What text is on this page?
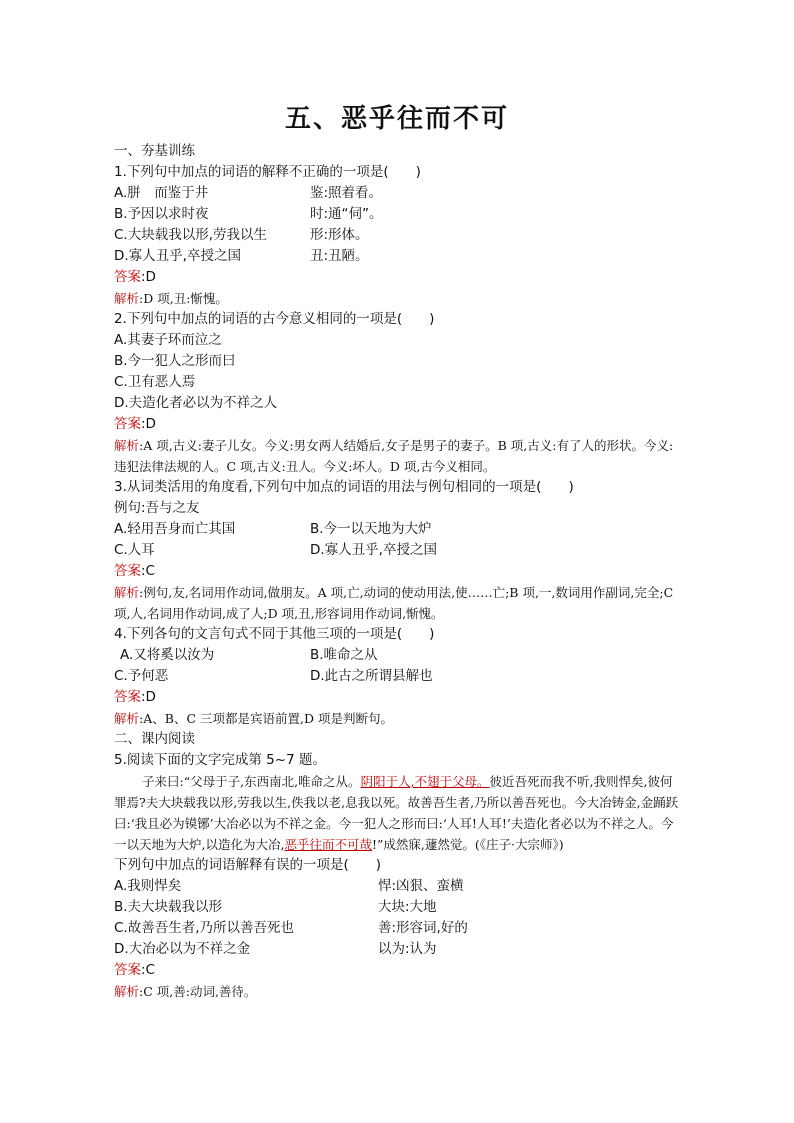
五、恶乎往而不可
一、夯基训练
1.下列句中加点的词语的解释不正确的一项是(　　)
A.胼　而鉴于井	鉴:照着看。
B.予因以求时夜	时:通“伺”。
C.大块载我以形,劳我以生	形:形体。
D.寡人丑乎,卒授之国	丑:丑陋。
答案:D
解析:D 项,丑:惭愧。
2.下列句中加点的词语的古今意义相同的一项是(　　)
A.其妻子环而泣之
B.今一犯人之形而曰
C.卫有恶人焉
D.夫造化者必以为不祥之人
答案:D
解析:A 项,古义:妻子儿女。今义:男女两人结婚后,女子是男子的妻子。B 项,古义:有了人的形状。今义:违犯法律法规的人。C 项,古义:丑人。今义:坏人。D 项,古今义相同。
3.从词类活用的角度看,下列句中加点的词语的用法与例句相同的一项是(　　)
例句:吾与之友
A.轻用吾身而亡其国	B.今一以天地为大炉
C.人耳	D.寡人丑乎,卒授之国
答案:C
解析:例句,友,名词用作动词,做朋友。A 项,亡,动词的使动用法,使……亡;B 项,一,数词用作副词,完全;C 项,人,名词用作动词,成了人;D 项,丑,形容词用作动词,惭愧。
4.下列各句的文言句式不同于其他三项的一项是(　　)
A.又将奚以汝为	B.唯命之从
C.予何恶	D.此古之所谓县解也
答案:D
解析:A、B、C 三项都是宾语前置,D 项是判断句。
二、课内阅读
5.阅读下面的文字完成第 5~7 题。
子来曰:“父母于子,东西南北,唯命之从。阴阳于人,不翅于父母。彼近吾死而我不听,我则悍矣,彼何罪焉?夫大块载我以形,劳我以生,佚我以老,息我以死。故善吾生者,乃所以善吾死也。今大冶铸金,金踊跃曰:‘我且必为镆铘’大冶必以为不祥之金。今一犯人之形而曰:‘人耳!人耳!’夫造化者必以为不祥之人。今一以天地为大炉,以造化为大冶,恶乎往而不可哉!”成然寐,蘧然觉。(《庄子·大宗师》)
下列句中加点的词语解释有误的一项是(　　)
A.我则悍矣	悍:凶狠、蛮横
B.夫大块载我以形	大块:大地
C.故善吾生者,乃所以善吾死也	善:形容词,好的
D.大冶必以为不祥之金	以为:认为
答案:C
解析:C 项,善:动词,善待。
